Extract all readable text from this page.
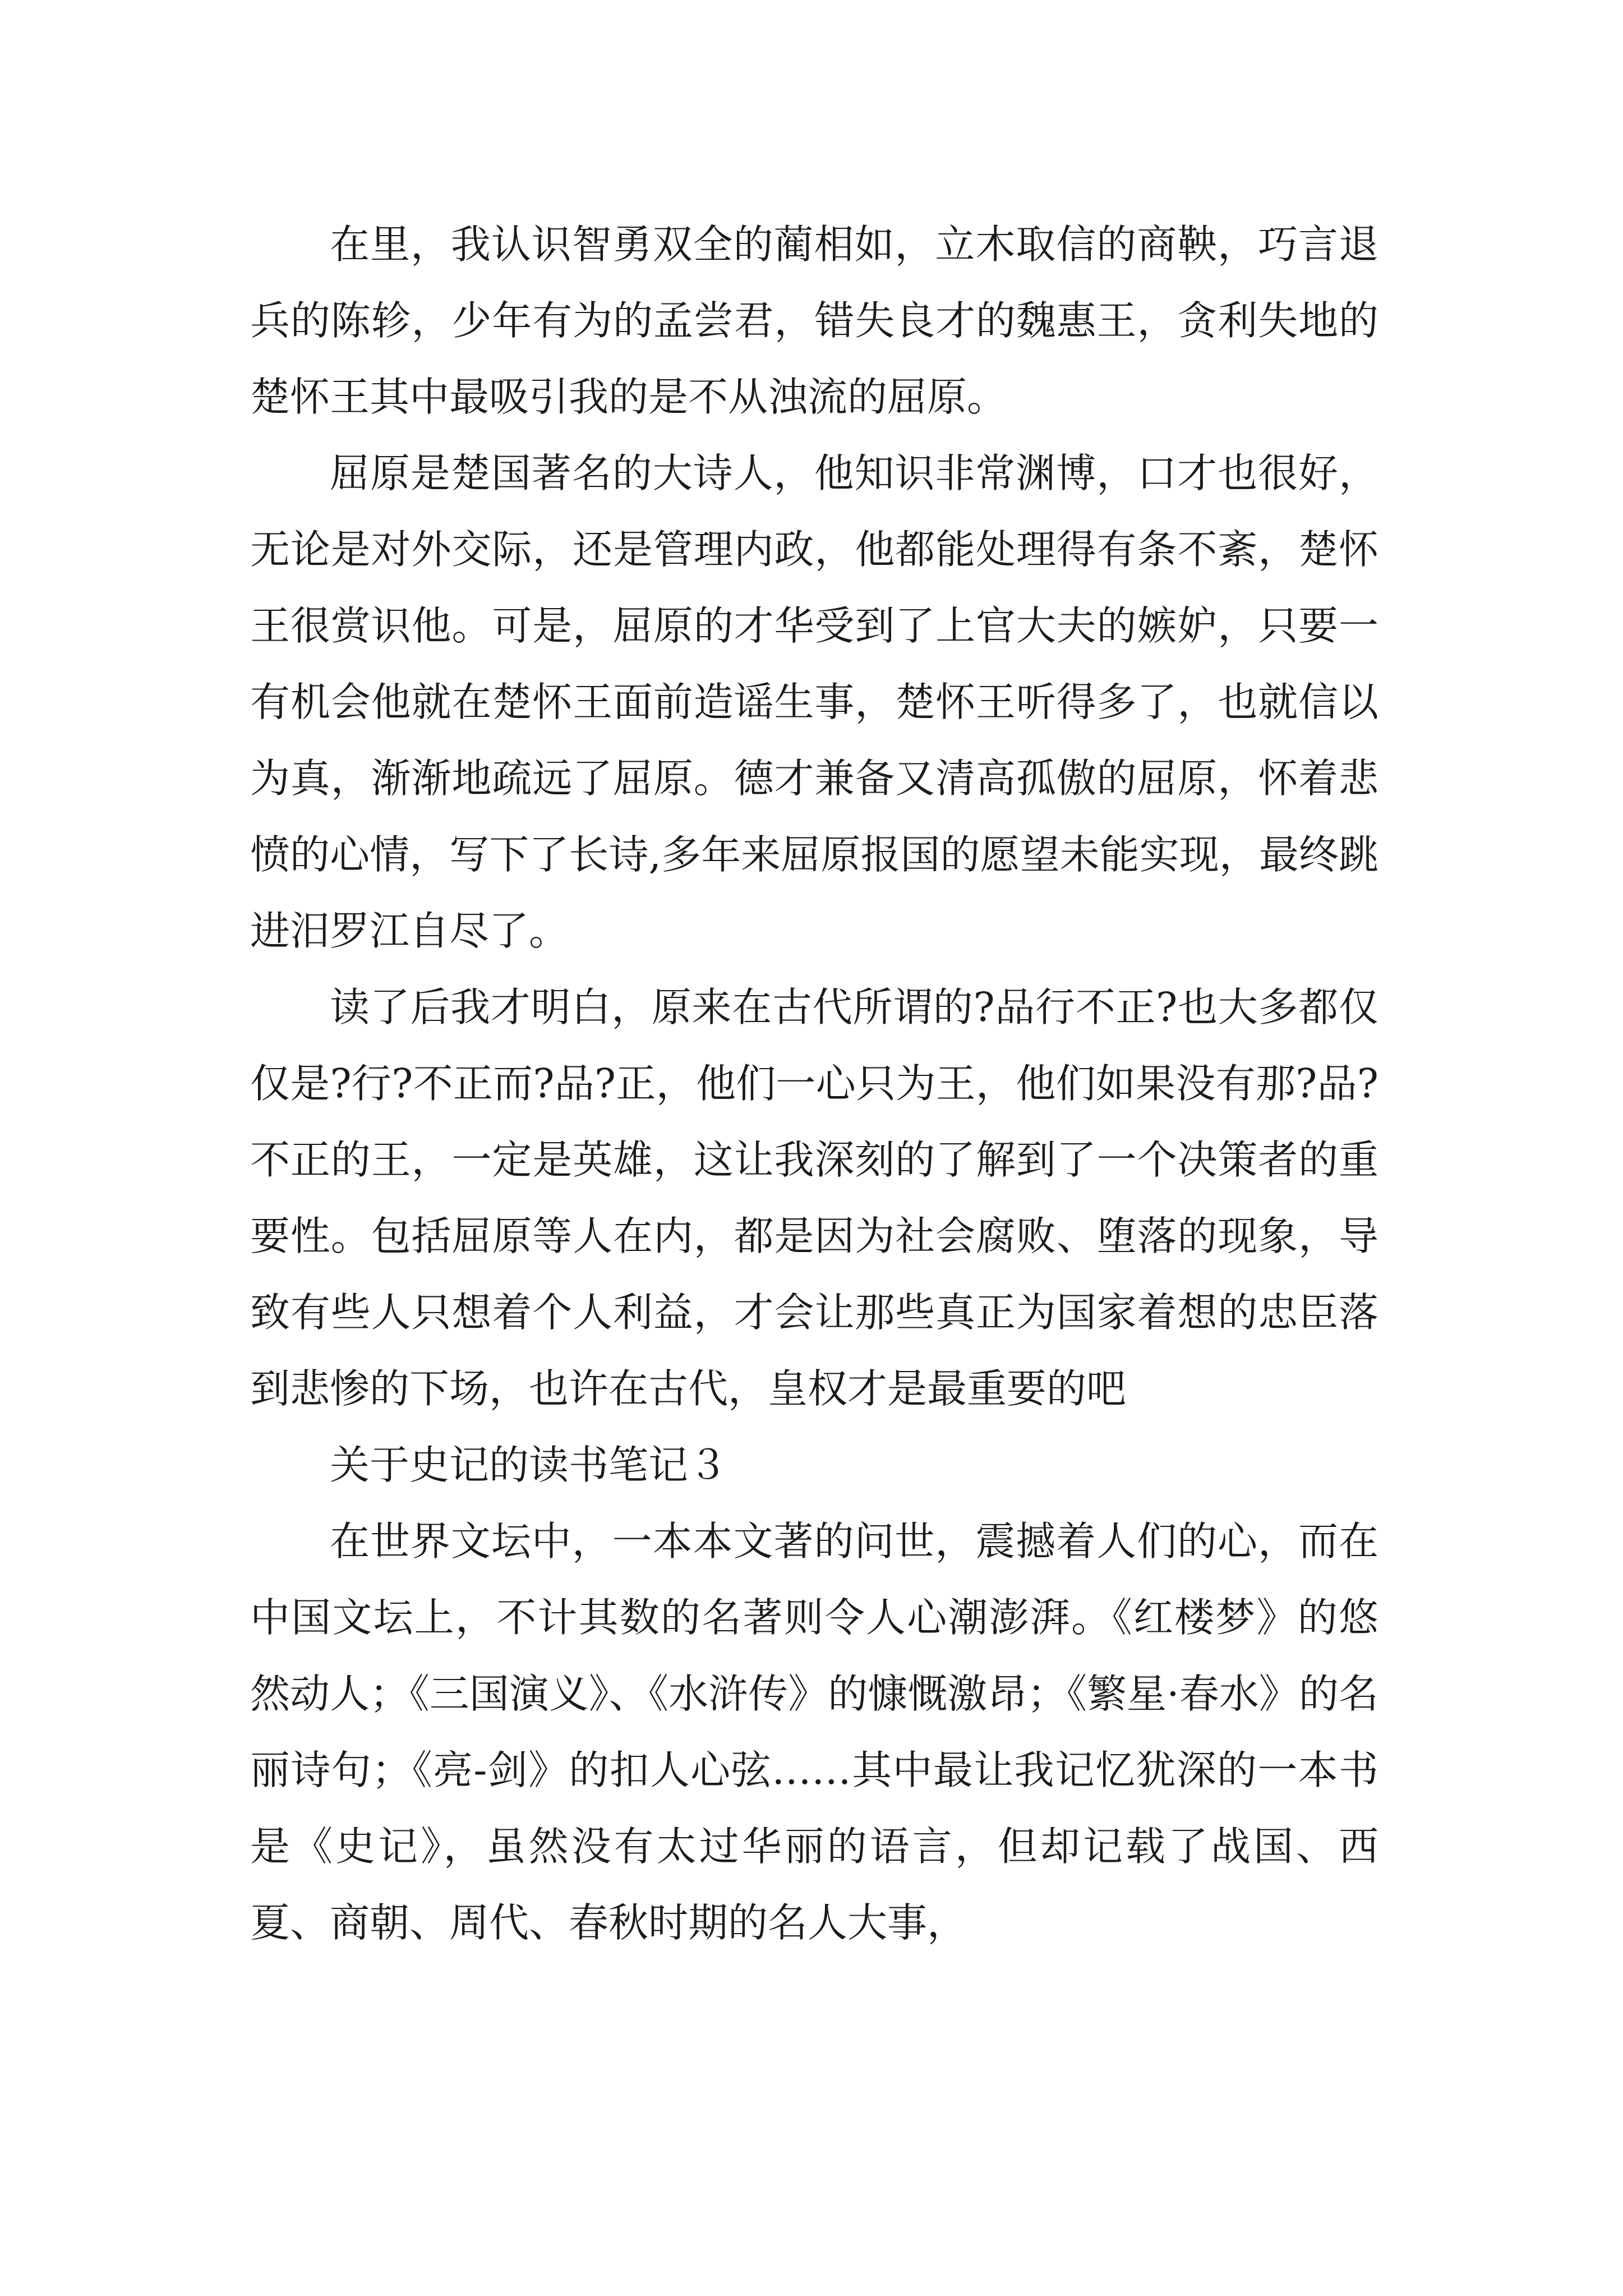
在里，我认识智勇双全的蔺相如，立木取信的商鞅，巧言退兵的陈轸，少年有为的孟尝君，错失良才的魏惠王，贪利失地的楚怀王其中最吸引我的是不从浊流的屈原。

屈原是楚国著名的大诗人，他知识非常渊博，口才也很好，无论是对外交际，还是管理内政，他都能处理得有条不紊，楚怀王很赏识他。可是，屈原的才华受到了上官大夫的嫉妒，只要一有机会他就在楚怀王面前造谣生事，楚怀王听得多了，也就信以为真，渐渐地疏远了屈原。德才兼备又清高孤傲的屈原，怀着悲愤的心情，写下了长诗,多年来屈原报国的愿望未能实现，最终跳进汨罗江自尽了。

读了后我才明白，原来在古代所谓的?品行不正?也大多都仅仅是?行?不正而?品?正，他们一心只为王，他们如果没有那?品?不正的王，一定是英雄，这让我深刻的了解到了一个决策者的重要性。包括屈原等人在内，都是因为社会腐败、堕落的现象，导致有些人只想着个人利益，才会让那些真正为国家着想的忠臣落到悲惨的下场，也许在古代，皇权才是最重要的吧

关于史记的读书笔记３

在世界文坛中，一本本文著的问世，震撼着人们的心，而在中国文坛上，不计其数的名著则令人心潮澎湃。《红楼梦》的悠然动人；《三国演义》、《水浒传》的慷慨激昂；《繁星·春水》的名丽诗句；《亮-剑》的扣人心弦……其中最让我记忆犹深的一本书是《史记》，虽然没有太过华丽的语言，但却记载了战国、西夏、商朝、周代、春秋时期的名人大事，
